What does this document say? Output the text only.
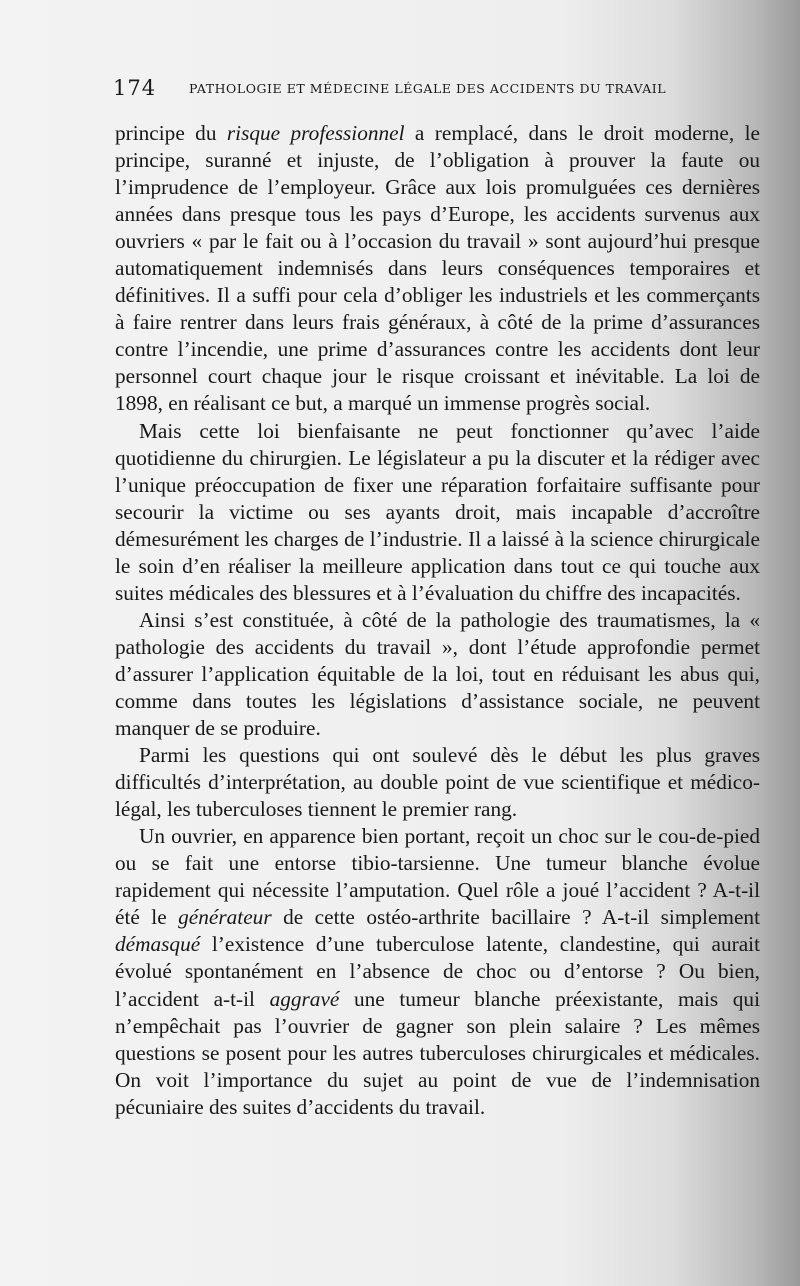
174	PATHOLOGIE ET MÉDECINE LÉGALE DES ACCIDENTS DU TRAVAIL

principe du risque professionnel a remplacé, dans le droit moderne, le principe, suranné et injuste, de l’obligation à prouver la faute ou l’imprudence de l’employeur. Grâce aux lois promulguées ces dernières années dans presque tous les pays d’Europe, les accidents survenus aux ouvriers « par le fait ou à l’occasion du travail » sont aujourd’hui presque automatiquement indemnisés dans leurs conséquences temporaires et définitives. Il a suffi pour cela d’obliger les industriels et les commerçants à faire rentrer dans leurs frais généraux, à côté de la prime d’assurances contre l’incendie, une prime d’assurances contre les accidents dont leur personnel court chaque jour le risque croissant et inévitable. La loi de 1898, en réalisant ce but, a marqué un immense progrès social.

Mais cette loi bienfaisante ne peut fonctionner qu’avec l’aide quotidienne du chirurgien. Le législateur a pu la discuter et la rédiger avec l’unique préoccupation de fixer une réparation forfaitaire suffisante pour secourir la victime ou ses ayants droit, mais incapable d’accroître démesurément les charges de l’industrie. Il a laissé à la science chirurgicale le soin d’en réaliser la meilleure application dans tout ce qui touche aux suites médicales des blessures et à l’évaluation du chiffre des incapacités.

Ainsi s’est constituée, à côté de la pathologie des traumatismes, la « pathologie des accidents du travail », dont l’étude approfondie permet d’assurer l’application équitable de la loi, tout en réduisant les abus qui, comme dans toutes les législations d’assistance sociale, ne peuvent manquer de se produire.

Parmi les questions qui ont soulevé dès le début les plus graves difficultés d’interprétation, au double point de vue scientifique et médico-légal, les tuberculoses tiennent le premier rang.

Un ouvrier, en apparence bien portant, reçoit un choc sur le cou-de-pied ou se fait une entorse tibio-tarsienne. Une tumeur blanche évolue rapidement qui nécessite l’amputation. Quel rôle a joué l’accident ? A-t-il été le générateur de cette ostéo-arthrite bacillaire ? A-t-il simplement démasqué l’existence d’une tuberculose latente, clandestine, qui aurait évolué spontanément en l’absence de choc ou d’entorse ? Ou bien, l’accident a-t-il aggravé une tumeur blanche préexistante, mais qui n’empêchait pas l’ouvrier de gagner son plein salaire ? Les mêmes questions se posent pour les autres tuberculoses chirurgicales et médicales. On voit l’importance du sujet au point de vue de l’indemnisation pécuniaire des suites d’accidents du travail.
